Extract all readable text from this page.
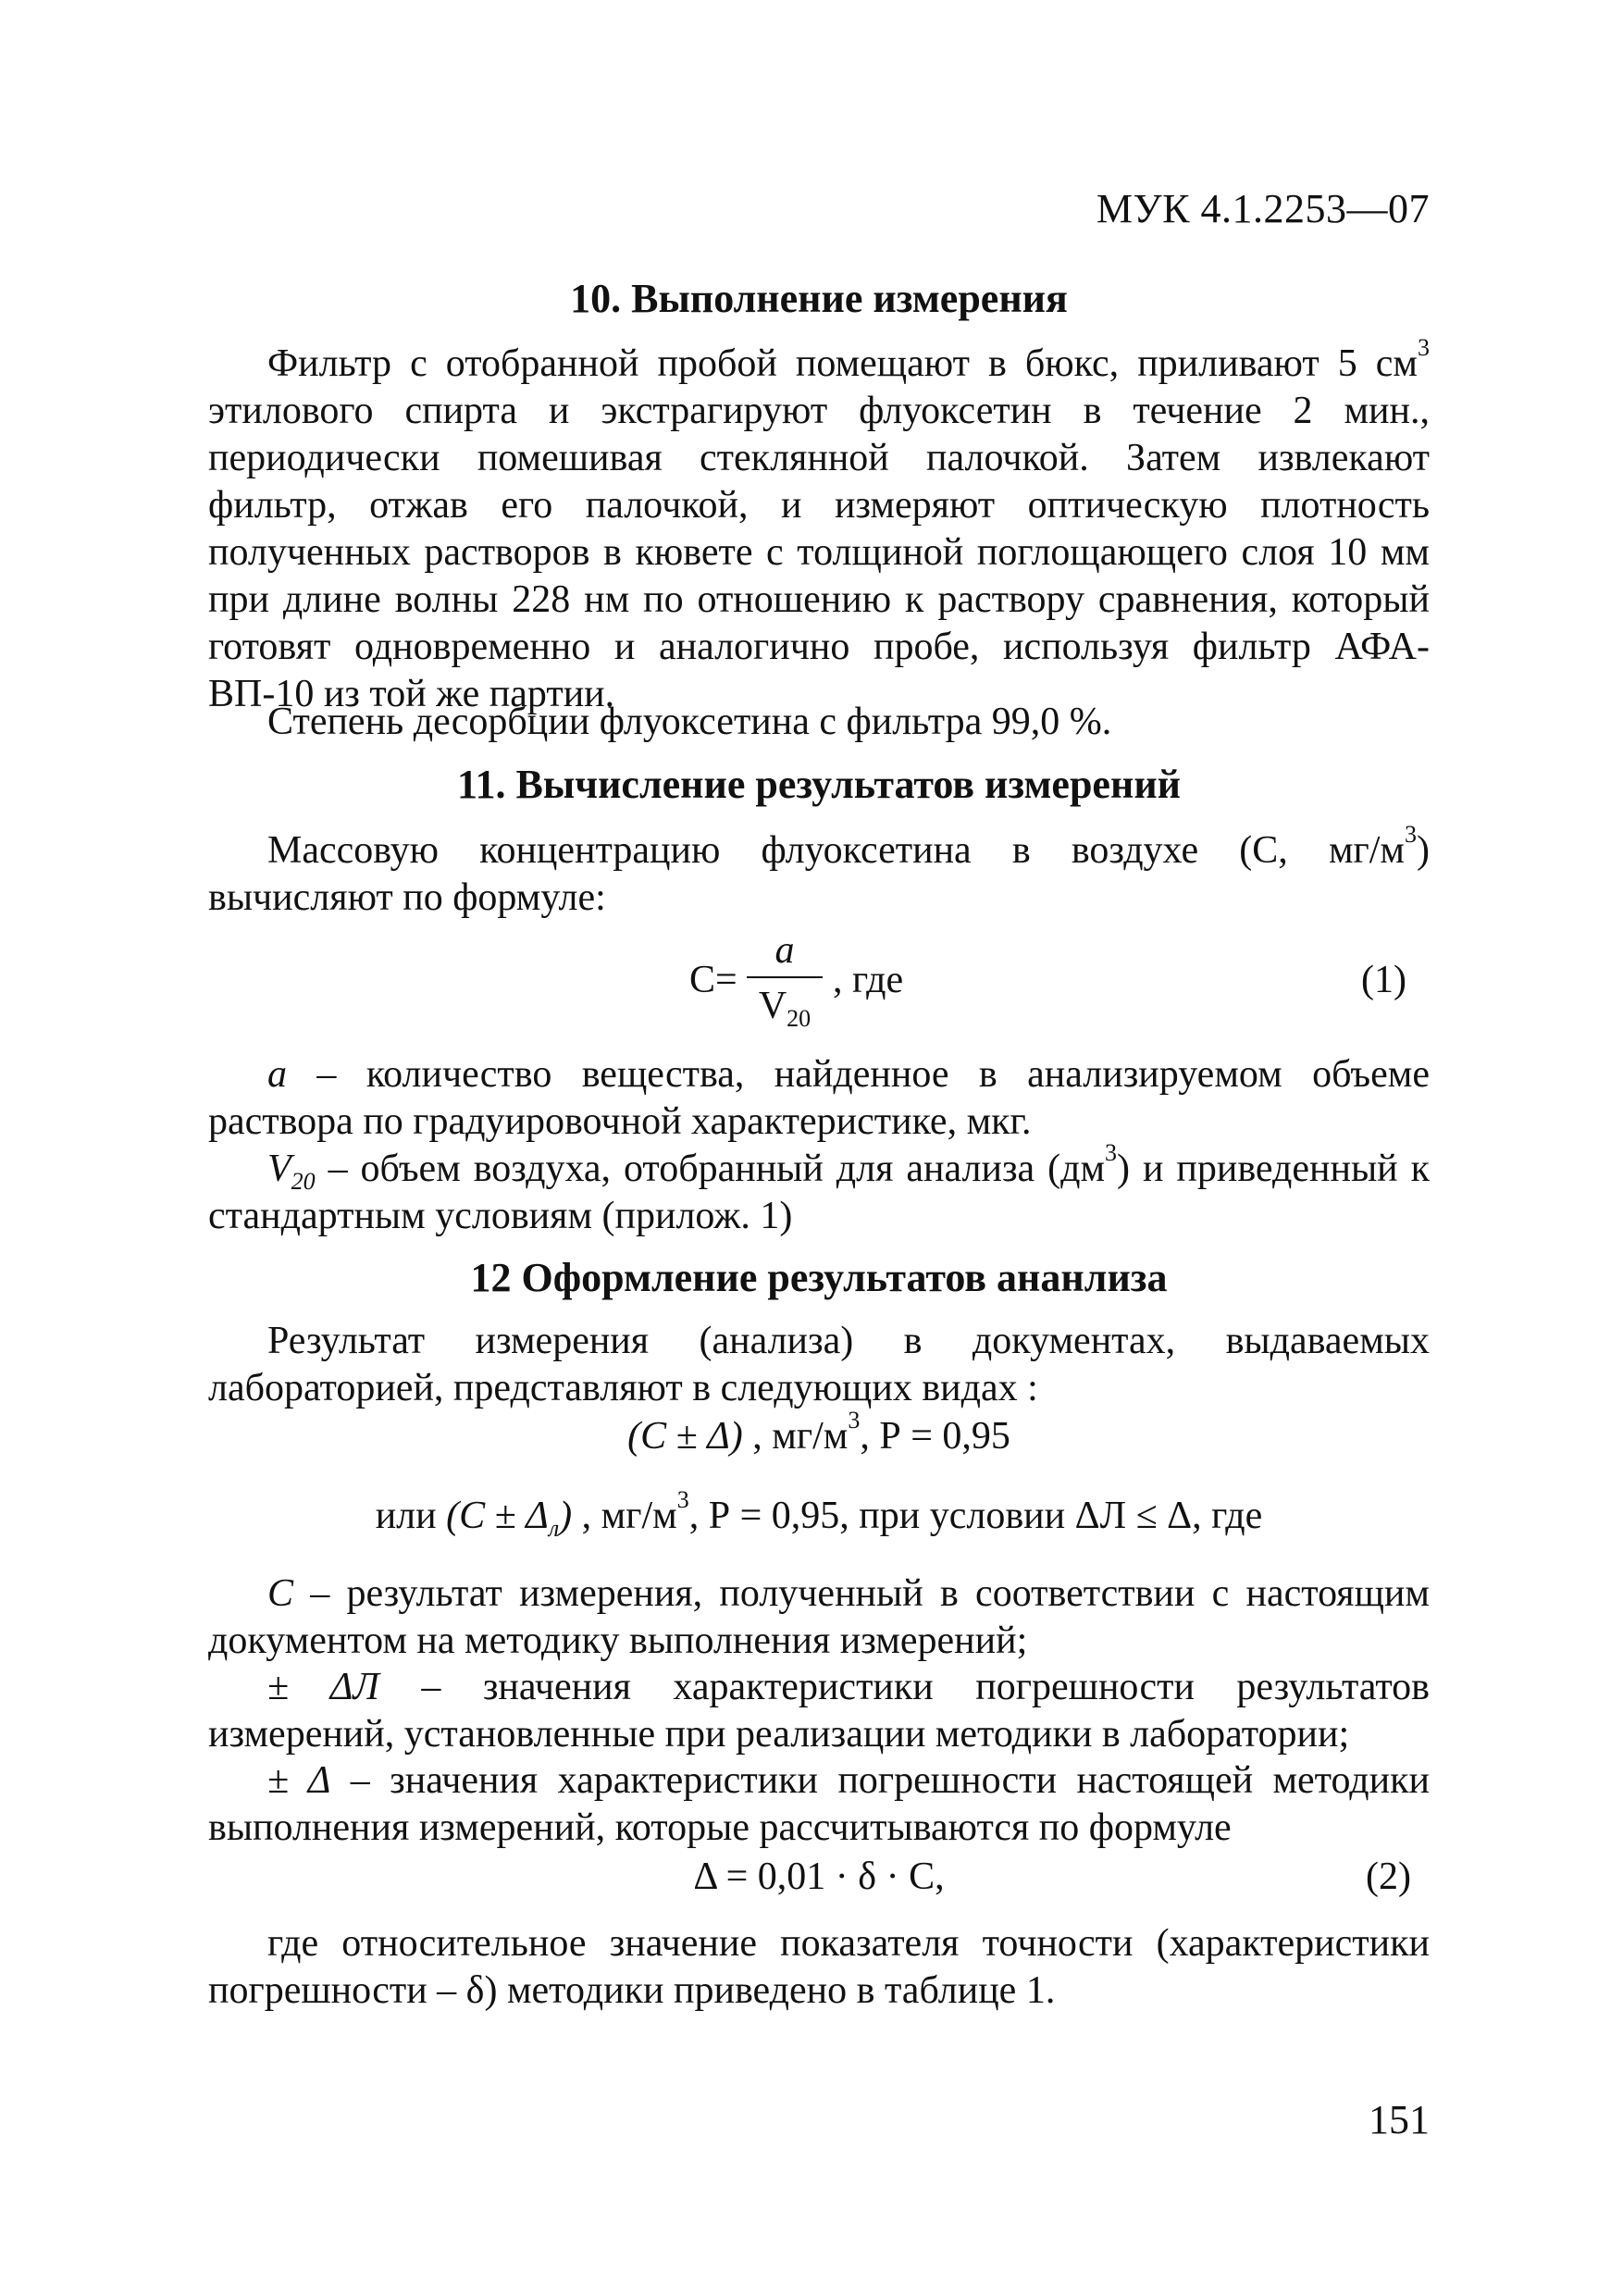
МУК 4.1.2253—07
10. Выполнение измерения
Фильтр с отобранной пробой помещают в бюкс, приливают 5 $см^3$ этилового спирта и экстрагируют флуоксетин в течение 2 мин., периодически помешивая стеклянной палочкой. Затем извлекают фильтр, отжав его палочкой, и измеряют оптическую плотность полученных растворов в кювете с толщиной поглощающего слоя 10 мм при длине волны 228 нм по отношению к раствору сравнения, который готовят одновременно и аналогично пробе, используя фильтр АФА-ВП-10 из той же партии.
Степень десорбции флуоксетина с фильтра 99,0 %.
11. Вычисление результатов измерений
Массовую концентрацию флуоксетина в воздухе (С, $мг/м^3$) вычисляют по формуле:
С=
a
$V_{20}$
, где	(1)
a – количество вещества, найденное в анализируемом объеме раствора по градуировочной характеристике, мкг.
$V_{20}$ – объем воздуха, отобранный для анализа $(дм^3)$ и приведенный к стандартным условиям (прилож. 1)
12 Оформление результатов ананлиза
Результат измерения (анализа) в документах, выдаваемых лабораторией, представляют в следующих видах :
(С ± Δ) , $мг/м^3$, Р = 0,95
или $(С \pm \Delta_л)$ , $мг/м^3$, Р = 0,95, при условии ΔЛ ≤ Δ, где
С – результат измерения, полученный в соответствии с настоящим документом на методику выполнения измерений;
± ΔЛ – значения характеристики погрешности результатов измерений, установленные при реализации методики в лаборатории;
± Δ – значения характеристики погрешности настоящей методики выполнения измерений, которые рассчитываются по формуле
Δ = 0,01 · δ · С,	(2)
где относительное значение показателя точности (характеристики погрешности – δ) методики приведено в таблице 1.
151
